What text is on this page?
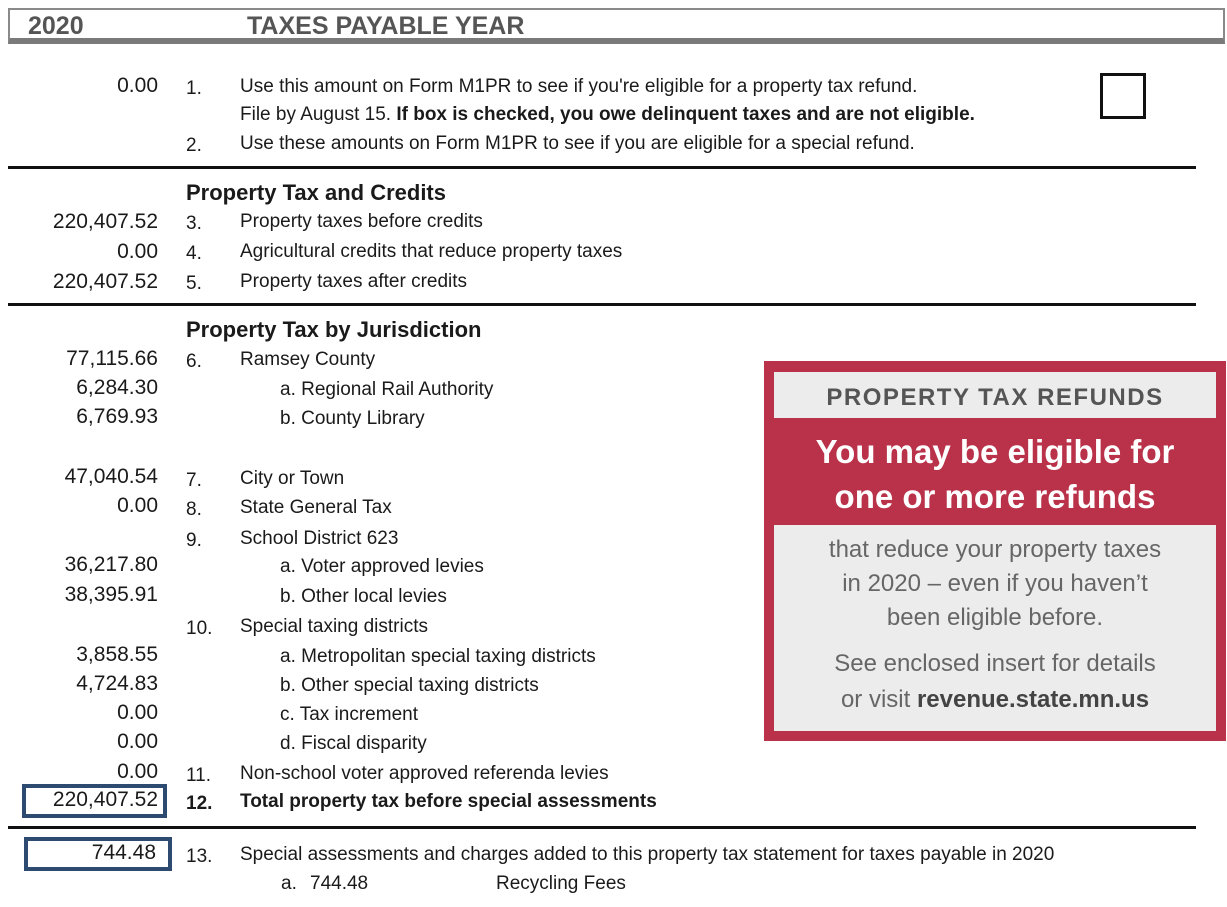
2020	TAXES PAYABLE YEAR
0.00 1. Use this amount on Form M1PR to see if you're eligible for a property tax refund.
File by August 15. If box is checked, you owe delinquent taxes and are not eligible.
2. Use these amounts on Form M1PR to see if you are eligible for a special refund.
Property Tax and Credits
220,407.52 3. Property taxes before credits
0.00 4. Agricultural credits that reduce property taxes
220,407.52 5. Property taxes after credits
Property Tax by Jurisdiction
77,115.66 6. Ramsey County
6,284.30	a. Regional Rail Authority
6,769.93	b. County Library
47,040.54 7. City or Town
0.00 8. State General Tax
9. School District 623
36,217.80	a. Voter approved levies
38,395.91	b. Other local levies
10. Special taxing districts
3,858.55	a. Metropolitan special taxing districts
4,724.83	b. Other special taxing districts
0.00	c. Tax increment
0.00	d. Fiscal disparity
0.00 11. Non-school voter approved referenda levies
220,407.52 12. Total property tax before special assessments
744.48 13. Special assessments and charges added to this property tax statement for taxes payable in 2020
a. 744.48	Recycling Fees
PROPERTY TAX REFUNDS
You may be eligible for
one or more refunds
that reduce your property taxes
in 2020 – even if you haven’t
been eligible before.
See enclosed insert for details
or visit revenue.state.mn.us
